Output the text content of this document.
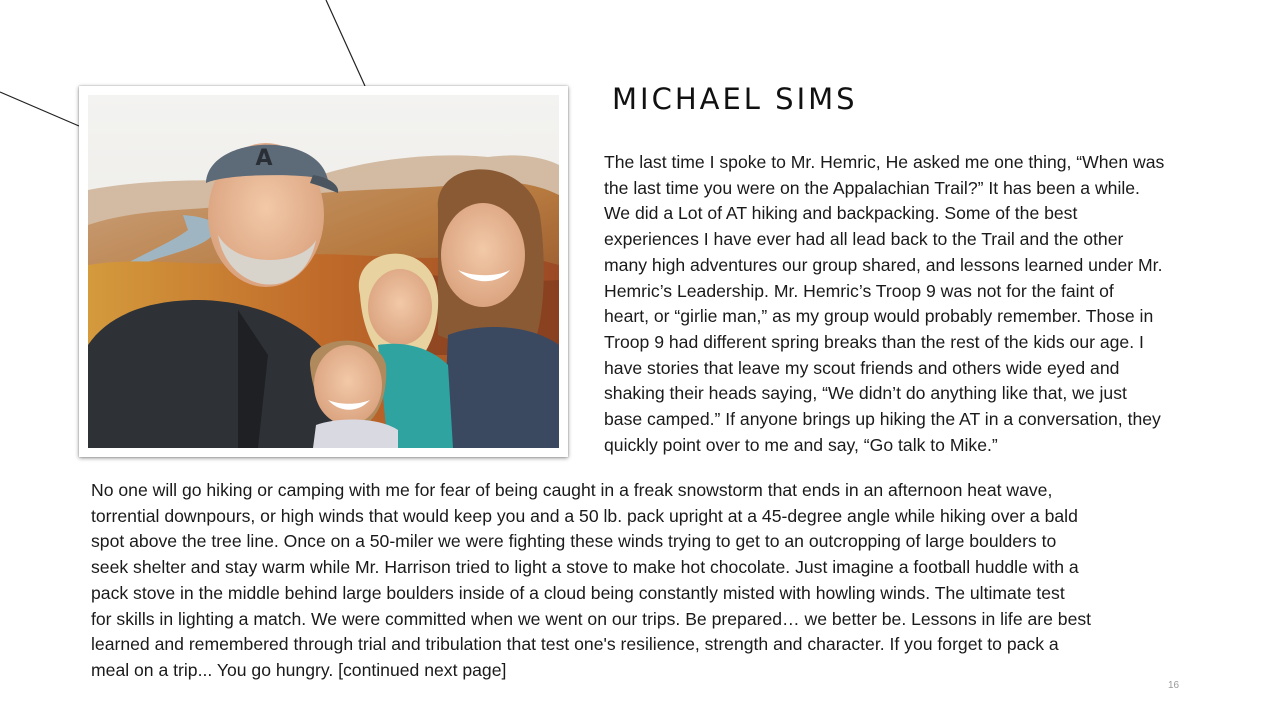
A
MICHAEL SIMS

The last time I spoke to Mr. Hemric, He asked me one thing, “When was
the last time you were on the Appalachian Trail?” It has been a while.
We did a Lot of AT hiking and backpacking. Some of the best
experiences I have ever had all lead back to the Trail and the other
many high adventures our group shared, and lessons learned under Mr.
Hemric’s Leadership. Mr. Hemric’s Troop 9 was not for the faint of
heart, or “girlie man,” as my group would probably remember. Those in
Troop 9 had different spring breaks than the rest of the kids our age. I
have stories that leave my scout friends and others wide eyed and
shaking their heads saying, “We didn’t do anything like that, we just
base camped.” If anyone brings up hiking the AT in a conversation, they
quickly point over to me and say, “Go talk to Mike.”

No one will go hiking or camping with me for fear of being caught in a freak snowstorm that ends in an afternoon heat wave,
torrential downpours, or high winds that would keep you and a 50 lb. pack upright at a 45-degree angle while hiking over a bald
spot above the tree line. Once on a 50-miler we were fighting these winds trying to get to an outcropping of large boulders to
seek shelter and stay warm while Mr. Harrison tried to light a stove to make hot chocolate. Just imagine a football huddle with a
pack stove in the middle behind large boulders inside of a cloud being constantly misted with howling winds. The ultimate test
for skills in lighting a match. We were committed when we went on our trips. Be prepared… we better be. Lessons in life are best
learned and remembered through trial and tribulation that test one's resilience, strength and character. If you forget to pack a
meal on a trip... You go hungry. [continued next page]

16
